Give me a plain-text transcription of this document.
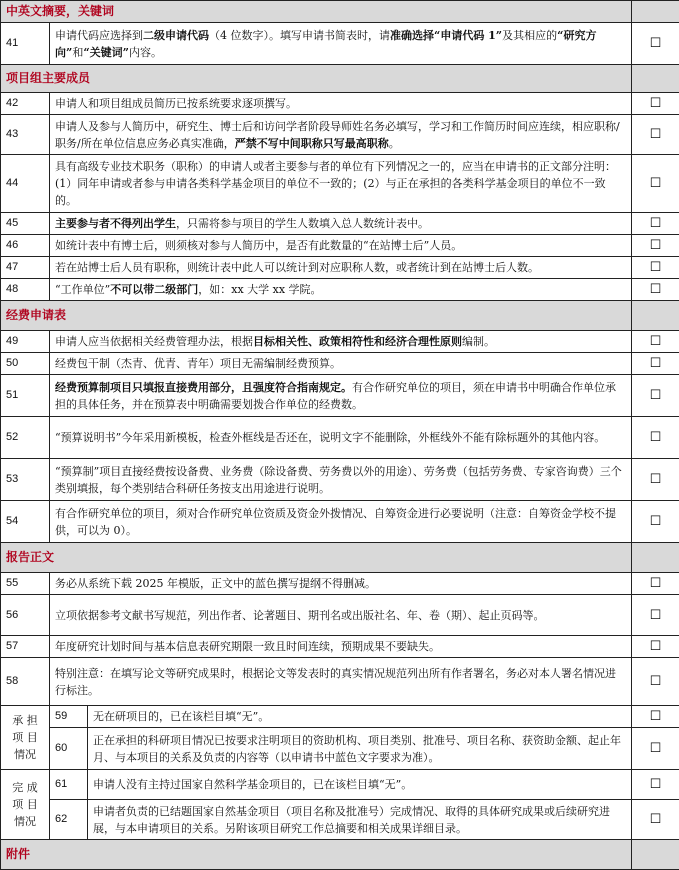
中英文摘要，关键词			
41	申请代码应选择到二级申请代码（4 位数字）。填写申请书简表时，请准确选择“申请代码 1”及其相应的“研究方向”和“关键词”内容。		☐
项目组主要成员			
42	申请人和项目组成员简历已按系统要求逐项撰写。		☐
43	申请人及参与人简历中，研究生、博士后和访问学者阶段导师姓名务必填写，学习和工作简历时间应连续，相应职称/职务/所在单位信息应务必真实准确，严禁不写中间职称只写最高职称。		☐
44	具有高级专业技术职务（职称）的申请人或者主要参与者的单位有下列情况之一的，应当在申请书的正文部分注明：(1）同年申请或者参与申请各类科学基金项目的单位不一致的；(2）与正在承担的各类科学基金项目的单位不一致的。		☐
45	主要参与者不得列出学生，只需将参与项目的学生人数填入总人数统计表中。		☐
46	如统计表中有博士后，则须核对参与人简历中，是否有此数量的“在站博士后”人员。		☐
47	若在站博士后人员有职称，则统计表中此人可以统计到对应职称人数，或者统计到在站博士后人数。		☐
48	“工作单位”不可以带二级部门，如：xx 大学 xx 学院。		☐
经费申请表			
49	申请人应当依据相关经费管理办法，根据目标相关性、政策相符性和经济合理性原则编制。		☐
50	经费包干制（杰青、优青、青年）项目无需编制经费预算。		☐
51	经费预算制项目只填报直接费用部分，且强度符合指南规定。有合作研究单位的项目，须在申请书中明确合作单位承担的具体任务，并在预算表中明确需要划拨合作单位的经费数。		☐
52	“预算说明书”今年采用新模板，检查外框线是否还在，说明文字不能删除，外框线外不能有除标题外的其他内容。		☐
53	“预算制”项目直接经费按设备费、业务费（除设备费、劳务费以外的用途）、劳务费（包括劳务费、专家咨询费）三个类别填报，每个类别结合科研任务按支出用途进行说明。		☐
54	有合作研究单位的项目，须对合作研究单位资质及资金外拨情况、自筹资金进行必要说明（注意：自筹资金学校不提供，可以为 0）。		☐
报告正文			
55	务必从系统下载 2025 年模版，正文中的蓝色撰写提纲不得删减。		☐
56	立项依据参考文献书写规范，列出作者、论著题目、期刊名或出版社名、年、卷（期）、起止页码等。		☐
57	年度研究计划时间与基本信息表研究期限一致且时间连续，预期成果不要缺失。		☐
58	特别注意：在填写论文等研究成果时，根据论文等发表时的真实情况规范列出所有作者署名，务必对本人署名情况进行标注。		☐
承 担 项 目 情况	59	无在研项目的，已在该栏目填“无”。	☐
	60	正在承担的科研项目情况已按要求注明项目的资助机构、项目类别、批准号、项目名称、获资助金额、起止年月、与本项目的关系及负责的内容等（以申请书中蓝色文字要求为准）。	☐
完 成 项 目 情况	61	申请人没有主持过国家自然科学基金项目的，已在该栏目填“无”。	☐
	62	申请者负责的已结题国家自然基金项目（项目名称及批准号）完成情况、取得的具体研究成果或后续研究进展，与本申请项目的关系。另附该项目研究工作总摘要和相关成果详细目录。	☐
附件			
